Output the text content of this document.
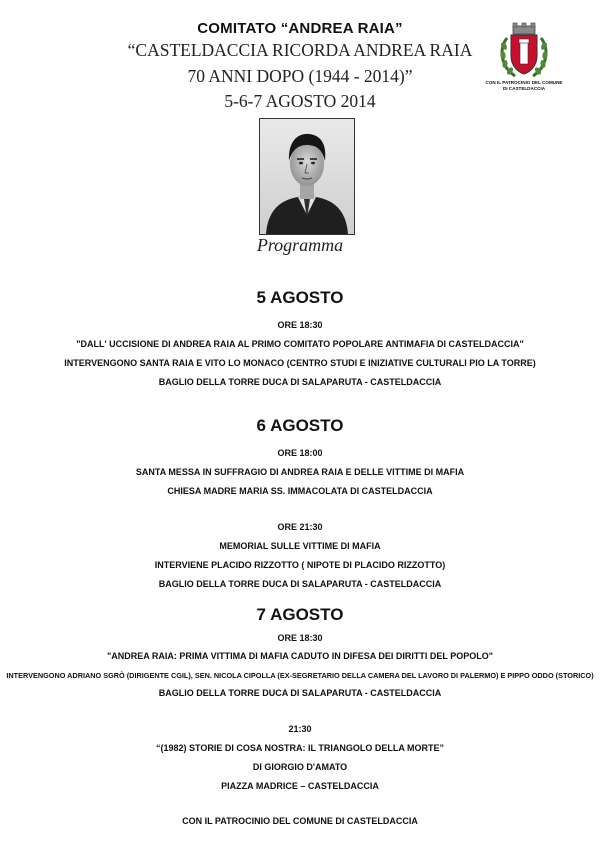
COMITATO “ANDREA RAIA”
“CASTELDACCIA RICORDA ANDREA RAIA
70 ANNI DOPO (1944 - 2014)”
5-6-7 AGOSTO 2014
CON IL PATROCINIO DEL COMUNE
DI CASTELDACCIA
Programma
5 AGOSTO
ORE 18:30
"DALL' UCCISIONE DI ANDREA RAIA AL PRIMO COMITATO POPOLARE ANTIMAFIA DI CASTELDACCIA"
INTERVENGONO SANTA RAIA E VITO LO MONACO (CENTRO STUDI E INIZIATIVE CULTURALI PIO LA TORRE)
BAGLIO DELLA TORRE DUCA DI SALAPARUTA - CASTELDACCIA
6 AGOSTO
ORE 18:00
SANTA MESSA IN SUFFRAGIO DI ANDREA RAIA E DELLE VITTIME DI MAFIA
CHIESA MADRE MARIA SS. IMMACOLATA DI CASTELDACCIA
ORE 21:30
MEMORIAL SULLE VITTIME DI MAFIA
INTERVIENE PLACIDO RIZZOTTO ( NIPOTE DI PLACIDO RIZZOTTO)
BAGLIO DELLA TORRE DUCA DI SALAPARUTA - CASTELDACCIA
7 AGOSTO
ORE 18:30
"ANDREA RAIA: PRIMA VITTIMA DI MAFIA CADUTO IN DIFESA DEI DIRITTI DEL POPOLO"
INTERVENGONO ADRIANO SGRÒ (DIRIGENTE CGIL), SEN. NICOLA CIPOLLA (EX-SEGRETARIO DELLA CAMERA DEL LAVORO DI PALERMO) E PIPPO ODDO (STORICO)
BAGLIO DELLA TORRE DUCA DI SALAPARUTA - CASTELDACCIA
21:30
“(1982) STORIE DI COSA NOSTRA: IL TRIANGOLO DELLA MORTE”
DI GIORGIO D'AMATO
PIAZZA MADRICE – CASTELDACCIA
CON IL PATROCINIO DEL COMUNE DI CASTELDACCIA
